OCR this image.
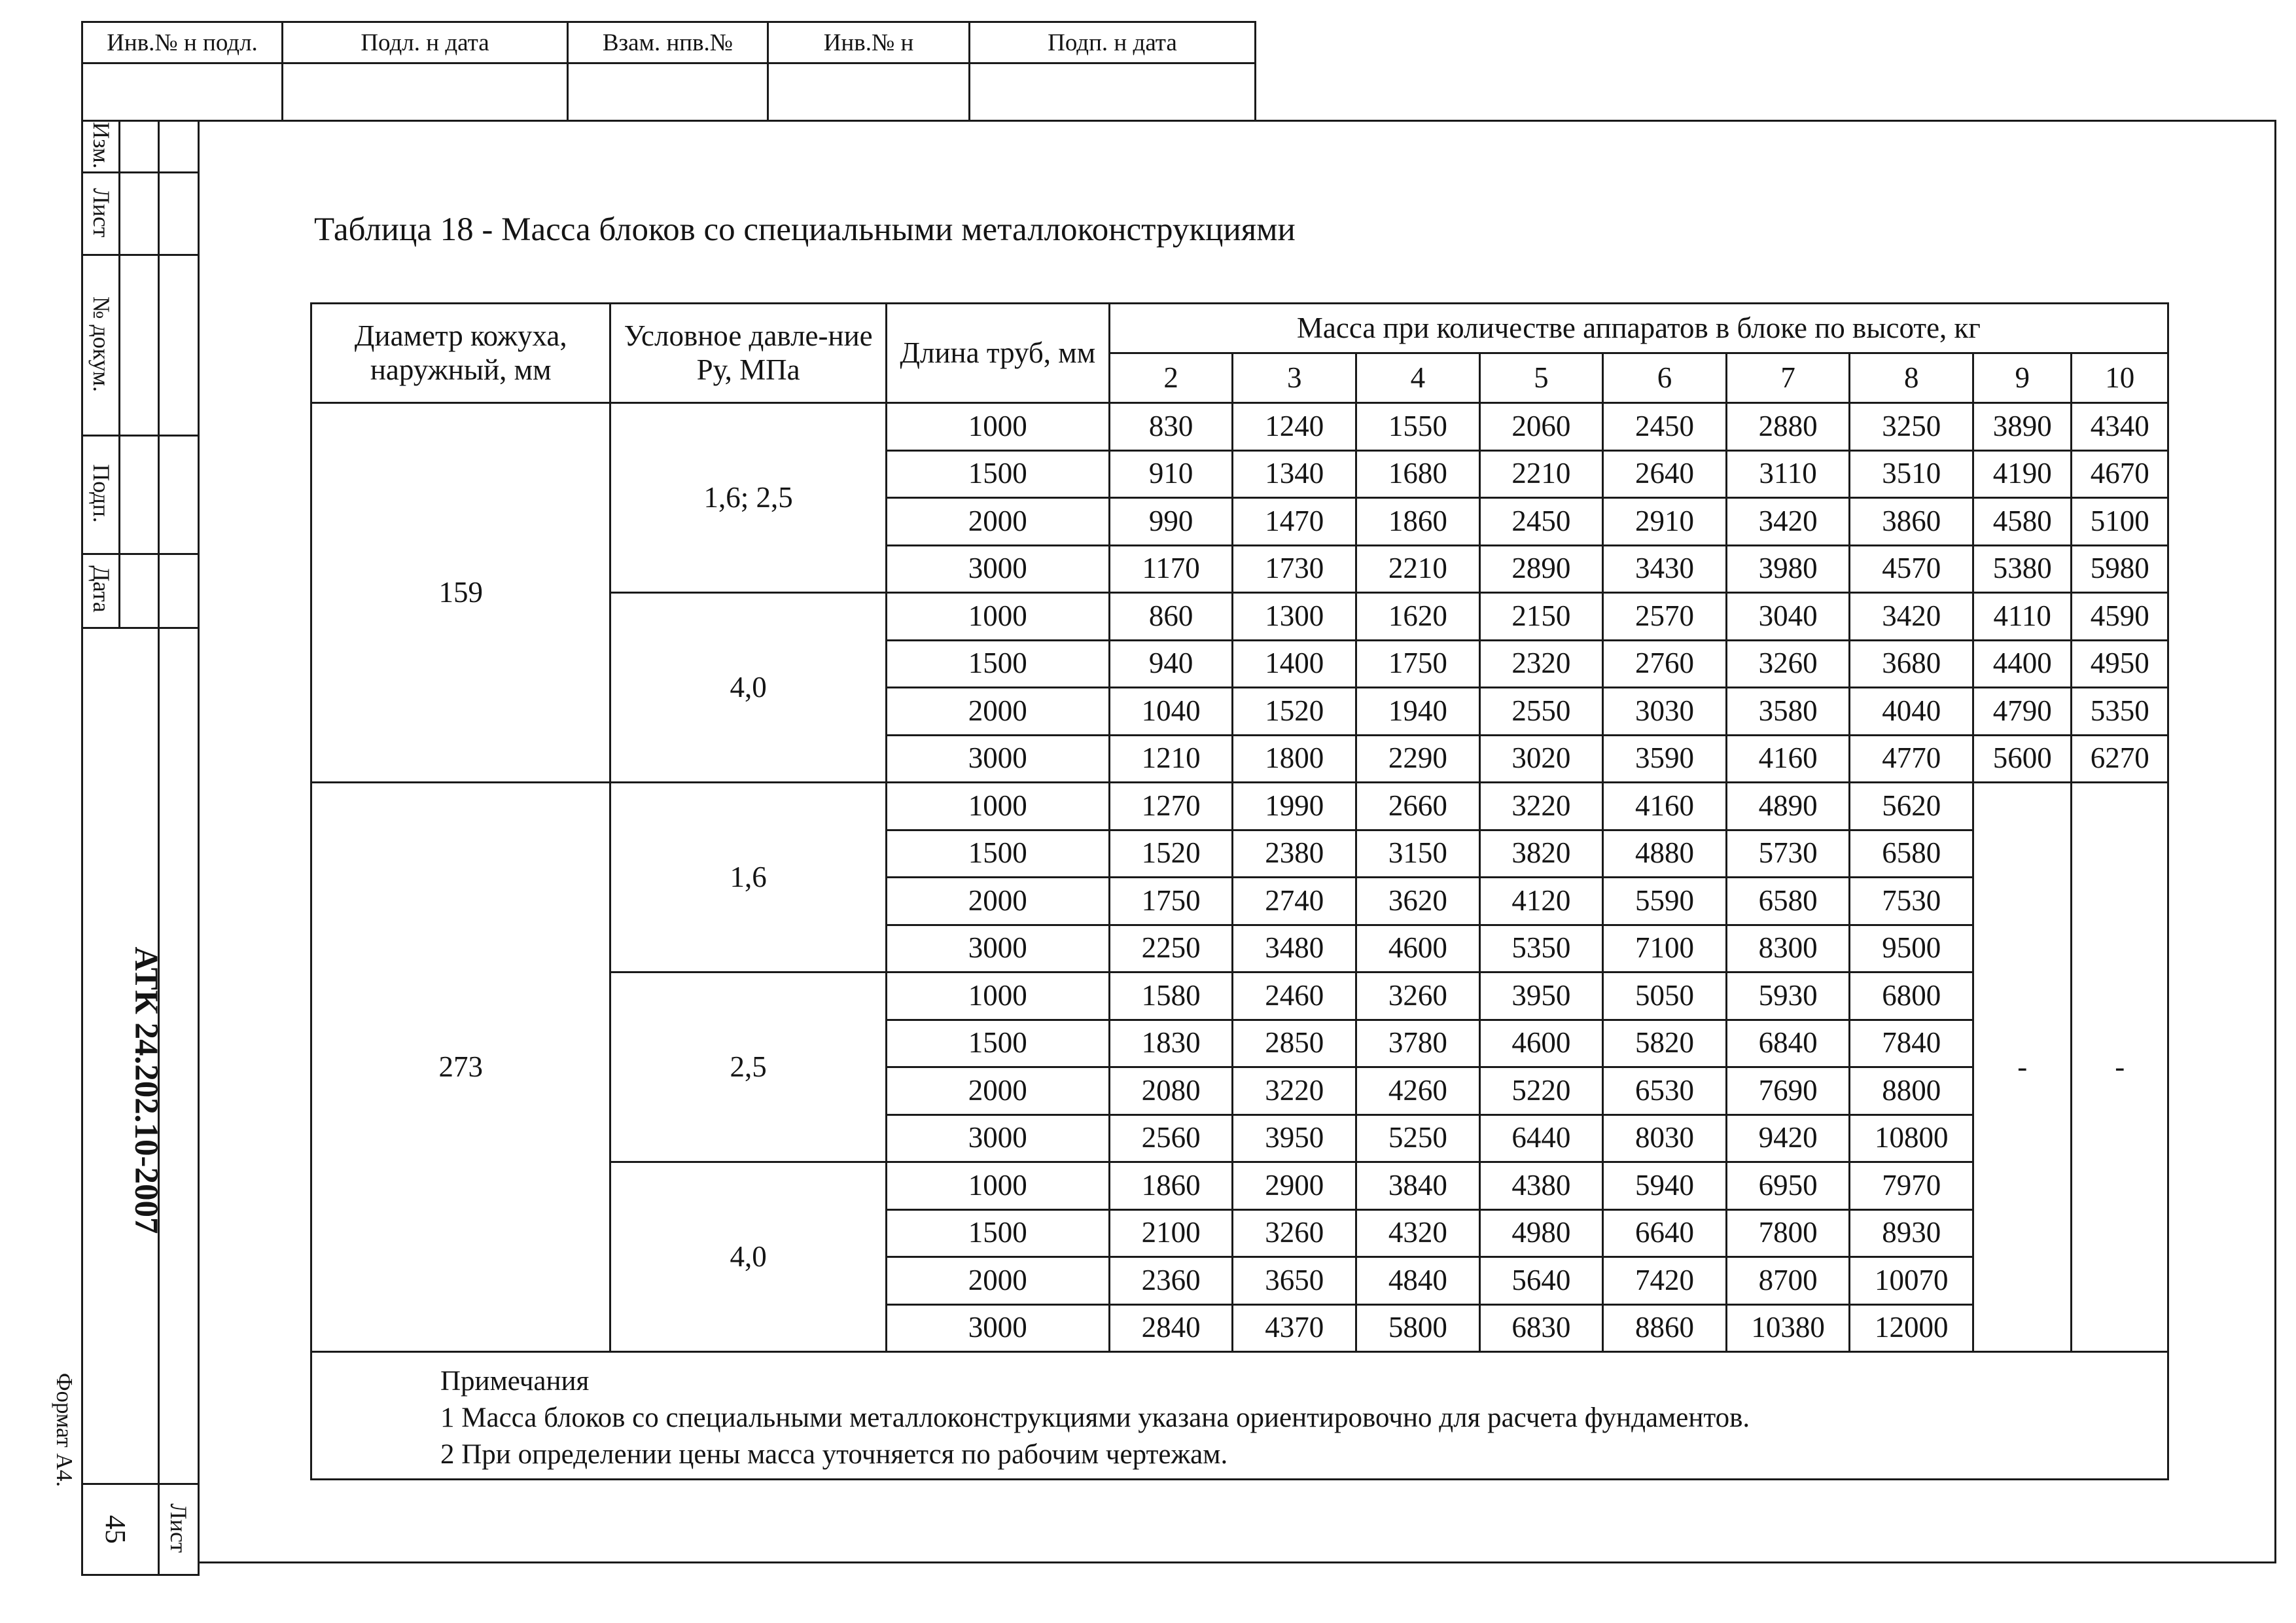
Инв.№ н подл.	Подл. н дата	Взам. нпв.№	Инв.№ н	Подп. н дата

Изм.
Лист
№ докум.
Подп.
Дата
АТК 24.202.10-2007
Формат А4.
Лист
45
Таблица 18 - Масса блоков со специальными металлоконструкциями
Диаметр кожуха, наружный, мм	Условное давле-ние Ру, МПа	Длина труб, мм	Масса при количестве аппаратов в блоке по высоте, кг								
			2	3	4	5	6	7	8	9	10
159	1,6; 2,5	1000	830	1240	1550	2060	2450	2880	3250	3890	4340
		1500	910	1340	1680	2210	2640	3110	3510	4190	4670
		2000	990	1470	1860	2450	2910	3420	3860	4580	5100
		3000	1170	1730	2210	2890	3430	3980	4570	5380	5980
	4,0	1000	860	1300	1620	2150	2570	3040	3420	4110	4590
		1500	940	1400	1750	2320	2760	3260	3680	4400	4950
		2000	1040	1520	1940	2550	3030	3580	4040	4790	5350
		3000	1210	1800	2290	3020	3590	4160	4770	5600	6270
273	1,6	1000	1270	1990	2660	3220	4160	4890	5620	-	-
		1500	1520	2380	3150	3820	4880	5730	6580		
		2000	1750	2740	3620	4120	5590	6580	7530		
		3000	2250	3480	4600	5350	7100	8300	9500		
	2,5	1000	1580	2460	3260	3950	5050	5930	6800		
		1500	1830	2850	3780	4600	5820	6840	7840		
		2000	2080	3220	4260	5220	6530	7690	8800		
		3000	2560	3950	5250	6440	8030	9420	10800		
	4,0	1000	1860	2900	3840	4380	5940	6950	7970		
		1500	2100	3260	4320	4980	6640	7800	8930		
		2000	2360	3650	4840	5640	7420	8700	10070		
		3000	2840	4370	5800	6830	8860	10380	12000		

Примечания
1 Масса блоков со специальными металлоконструкциями указана ориентировочно для расчета фундаментов.
2 При определении цены масса уточняется по рабочим чертежам.											
